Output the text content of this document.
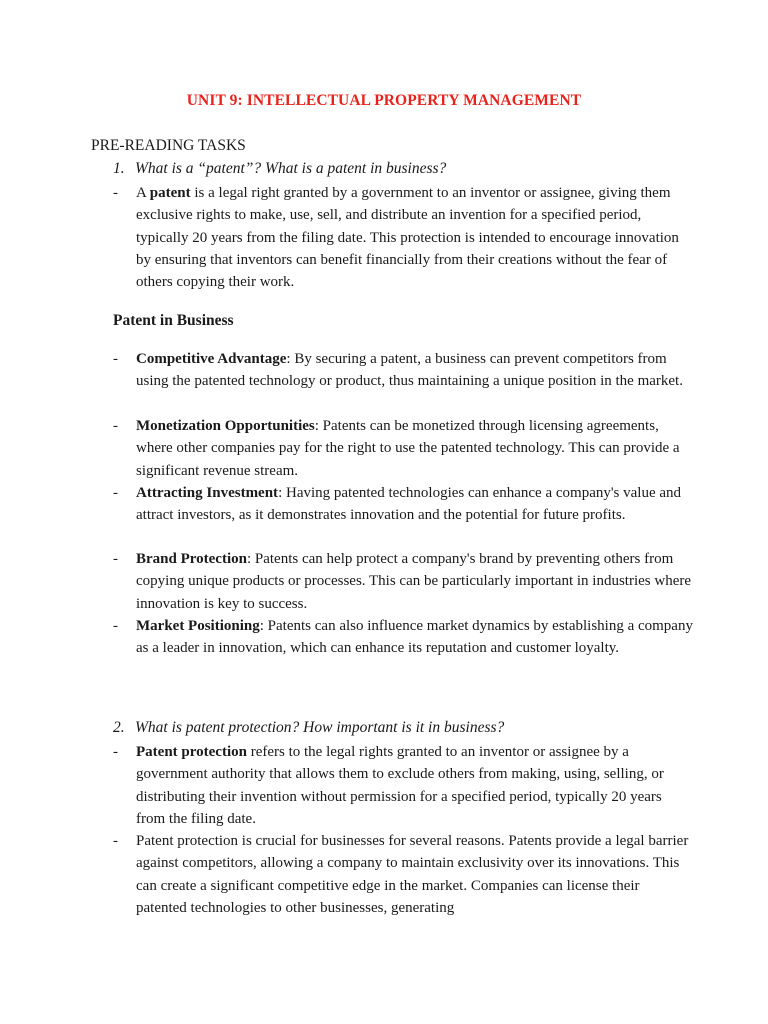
UNIT 9: INTELLECTUAL PROPERTY MANAGEMENT
PRE-READING TASKS
1. What is a “patent”? What is a patent in business?
- A patent is a legal right granted by a government to an inventor or assignee, giving them exclusive rights to make, use, sell, and distribute an invention for a specified period, typically 20 years from the filing date. This protection is intended to encourage innovation by ensuring that inventors can benefit financially from their creations without the fear of others copying their work.
Patent in Business
- Competitive Advantage: By securing a patent, a business can prevent competitors from using the patented technology or product, thus maintaining a unique position in the market.
- Monetization Opportunities: Patents can be monetized through licensing agreements, where other companies pay for the right to use the patented technology. This can provide a significant revenue stream.
- Attracting Investment: Having patented technologies can enhance a company's value and attract investors, as it demonstrates innovation and the potential for future profits.
- Brand Protection: Patents can help protect a company's brand by preventing others from copying unique products or processes. This can be particularly important in industries where innovation is key to success.
- Market Positioning: Patents can also influence market dynamics by establishing a company as a leader in innovation, which can enhance its reputation and customer loyalty.
2. What is patent protection? How important is it in business?
- Patent protection refers to the legal rights granted to an inventor or assignee by a government authority that allows them to exclude others from making, using, selling, or distributing their invention without permission for a specified period, typically 20 years from the filing date.
- Patent protection is crucial for businesses for several reasons. Patents provide a legal barrier against competitors, allowing a company to maintain exclusivity over its innovations. This can create a significant competitive edge in the market. Companies can license their patented technologies to other businesses, generating
